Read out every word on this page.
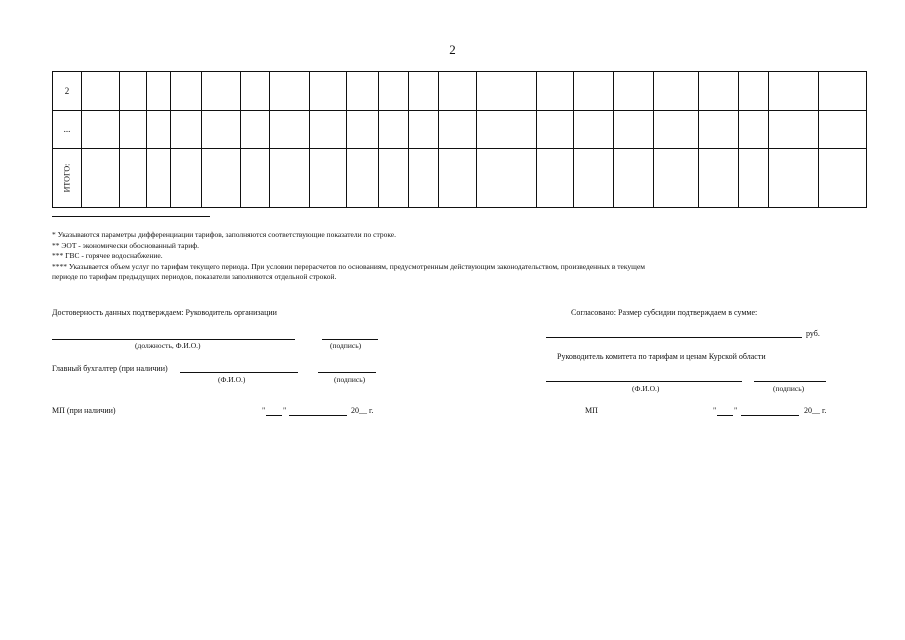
2
2
...
ИТОГО:
* Указываются параметры дифференциации тарифов, заполняются соответствующие показатели по строке.
** ЭОТ - экономически обоснованный тариф.
*** ГВС - горячее водоснабжение.
**** Указывается объем услуг по тарифам текущего периода. При условии перерасчетов по основаниям, предусмотренным действующим законодательством, произведенных в текущем
периоде по тарифам предыдущих периодов, показатели заполняются отдельной строкой.
Достоверность данных подтверждаем: Руководитель организации
(должность, Ф.И.О.)	(подпись)
Главный бухгалтер (при наличии)
(Ф.И.О.)	(подпись)
МП (при наличии)	" "	20__ г.
Согласовано: Размер субсидии подтверждаем в сумме:
руб.
Руководитель комитета по тарифам и ценам Курской области
(Ф.И.О.)	(подпись)
МП	" "	20__ г.
